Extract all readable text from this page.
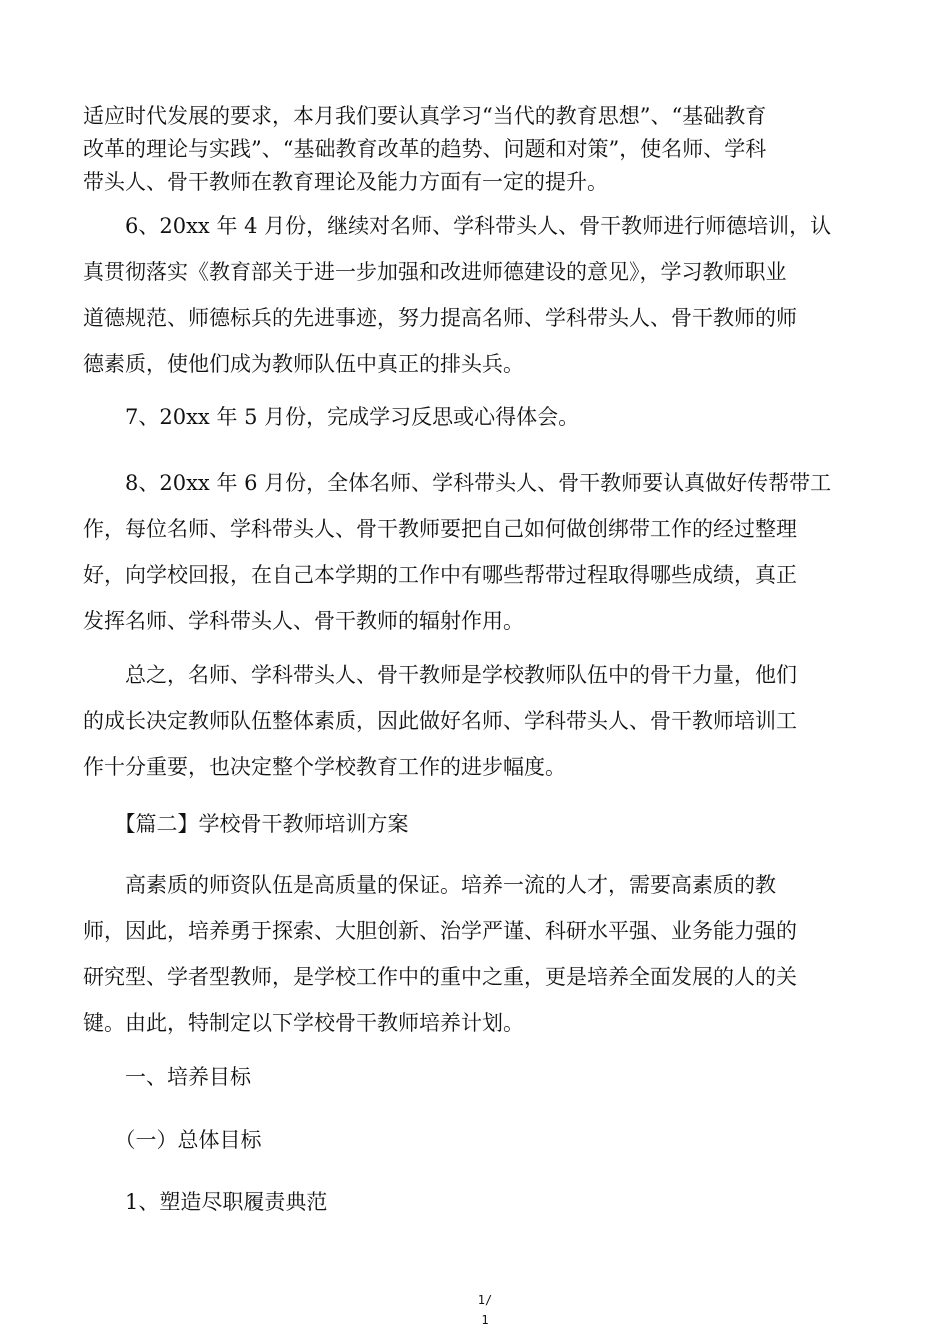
适应时代发展的要求，本月我们要认真学习“当代的教育思想”、“基础教育
改革的理论与实践”、“基础教育改革的趋势、问题和对策”，使名师、学科
带头人、骨干教师在教育理论及能力方面有一定的提升。
　　6、20xx 年 4 月份，继续对名师、学科带头人、骨干教师进行师德培训，认
真贯彻落实《教育部关于进一步加强和改进师德建设的意见》，学习教师职业
道德规范、师德标兵的先进事迹，努力提高名师、学科带头人、骨干教师的师
德素质，使他们成为教师队伍中真正的排头兵。
　　7、20xx 年 5 月份，完成学习反思或心得体会。
　　8、20xx 年 6 月份，全体名师、学科带头人、骨干教师要认真做好传帮带工
作，每位名师、学科带头人、骨干教师要把自己如何做创绑带工作的经过整理
好，向学校回报，在自己本学期的工作中有哪些帮带过程取得哪些成绩，真正
发挥名师、学科带头人、骨干教师的辐射作用。
　　总之，名师、学科带头人、骨干教师是学校教师队伍中的骨干力量，他们
的成长决定教师队伍整体素质，因此做好名师、学科带头人、骨干教师培训工
作十分重要，也决定整个学校教育工作的进步幅度。
　　【篇二】学校骨干教师培训方案
　　高素质的师资队伍是高质量的保证。培养一流的人才，需要高素质的教
师，因此，培养勇于探索、大胆创新、治学严谨、科研水平强、业务能力强的
研究型、学者型教师，是学校工作中的重中之重，更是培养全面发展的人的关
键。由此，特制定以下学校骨干教师培养计划。
　　一、培养目标
　　（一）总体目标
　　1、塑造尽职履责典范
1/
1
